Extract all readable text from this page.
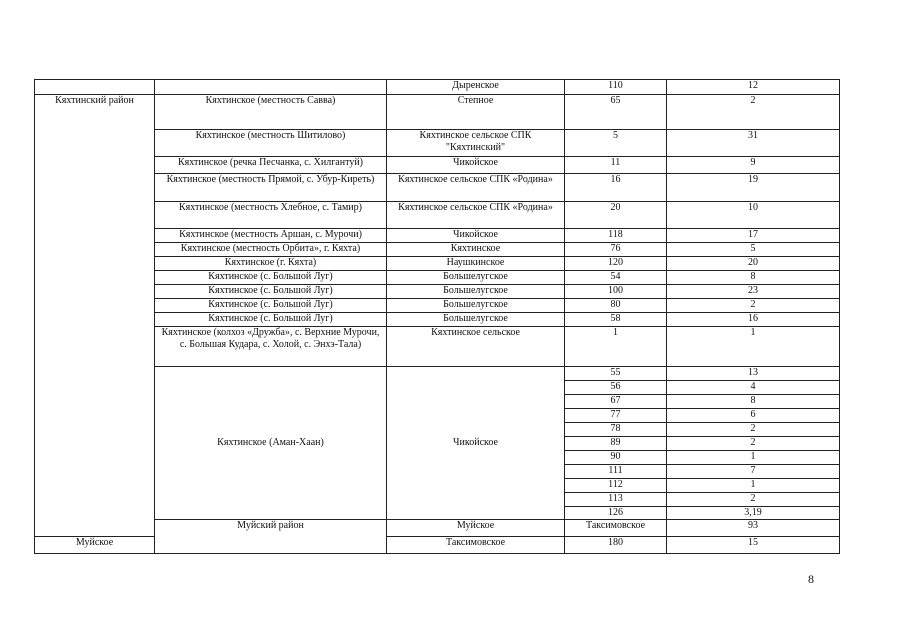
		Дыренское	110	12	
Кяхтинский район	Кяхтинское (местность Савва)	Степное	65	2	
	Кяхтинское (местность Шитилово)	Кяхтинское сельское СПК "Кяхтинский"	5	31	
	Кяхтинское (речка Песчанка, с. Хилгантуй)	Чикойское	11	9	
	Кяхтинское (местность Прямой, с. Убур-Киреть)	Кяхтинское сельское СПК «Родина»	16	19	
	Кяхтинское (местность Хлебное, с. Тамир)	Кяхтинское сельское СПК «Родина»	20	10	
	Кяхтинское (местность Аршан, с. Мурочи)	Чикойское	118	17	
	Кяхтинское (местность Орбита», г. Кяхта)	Кяхтинское	76	5	
	Кяхтинское (г. Кяхта)	Наушкинское	120	20	
	Кяхтинское (с. Большой Луг)	Большелугское	54	8	
	Кяхтинское (с. Большой Луг)	Большелугское	100	23	
	Кяхтинское (с. Большой Луг)	Большелугское	80	2	
	Кяхтинское (с. Большой Луг)	Большелугское	58	16	
	Кяхтинское (колхоз «Дружба», с. Верхние Мурочи, с. Большая Кудара, с. Холой, с. Энхэ-Тала)	Кяхтинское сельское	1	1	
	Кяхтинское (Аман-Хаан)	Чикойское	55	13	
			56	4	
			67	8	
			77	6	
			78	2	
			89	2	
			90	1	
			111	7	
			112	1	
			113	2	
			126	3,19	
	Муйский район	Муйское	Таксимовское	93	
Муйское		Таксимовское	180	15	
8
